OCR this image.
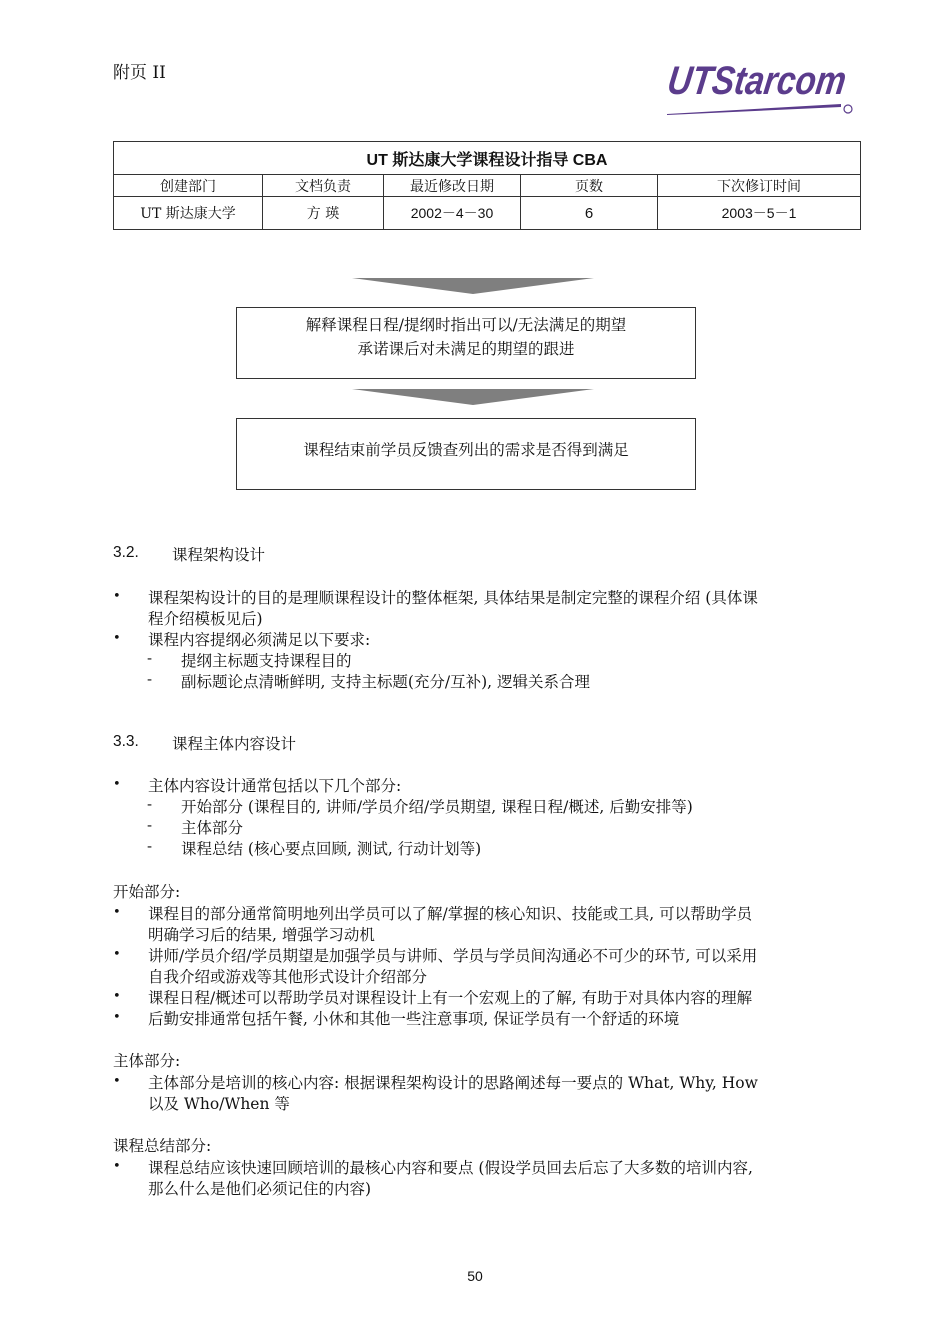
附页 II	UTStarcom
UT 斯达康大学课程设计指导 CBA				
创建部门	文档负责	最近修改日期	页数	下次修订时间
UT 斯达康大学	方 瑛	2002－4－30	6	2003－5－1
解释课程日程/提纲时指出可以/无法满足的期望
承诺课后对未满足的期望的跟进
课程结束前学员反馈查列出的需求是否得到满足
3.2. 课程架构设计
• 课程架构设计的目的是理顺课程设计的整体框架, 具体结果是制定完整的课程介绍 (具体课
程介绍模板见后)
• 课程内容提纲必须满足以下要求:
- 提纲主标题支持课程目的
- 副标题论点清晰鲜明, 支持主标题(充分/互补), 逻辑关系合理
3.3. 课程主体内容设计
• 主体内容设计通常包括以下几个部分:
- 开始部分 (课程目的, 讲师/学员介绍/学员期望, 课程日程/概述, 后勤安排等)
- 主体部分
- 课程总结 (核心要点回顾, 测试, 行动计划等)
开始部分:
• 课程目的部分通常简明地列出学员可以了解/掌握的核心知识、技能或工具, 可以帮助学员
明确学习后的结果, 增强学习动机
• 讲师/学员介绍/学员期望是加强学员与讲师、学员与学员间沟通必不可少的环节, 可以采用
自我介绍或游戏等其他形式设计介绍部分
• 课程日程/概述可以帮助学员对课程设计上有一个宏观上的了解, 有助于对具体内容的理解
• 后勤安排通常包括午餐, 小休和其他一些注意事项, 保证学员有一个舒适的环境
主体部分:
• 主体部分是培训的核心内容: 根据课程架构设计的思路阐述每一要点的 What, Why, How
以及 Who/When 等
课程总结部分:
• 课程总结应该快速回顾培训的最核心内容和要点 (假设学员回去后忘了大多数的培训内容,
那么什么是他们必须记住的内容)
50
